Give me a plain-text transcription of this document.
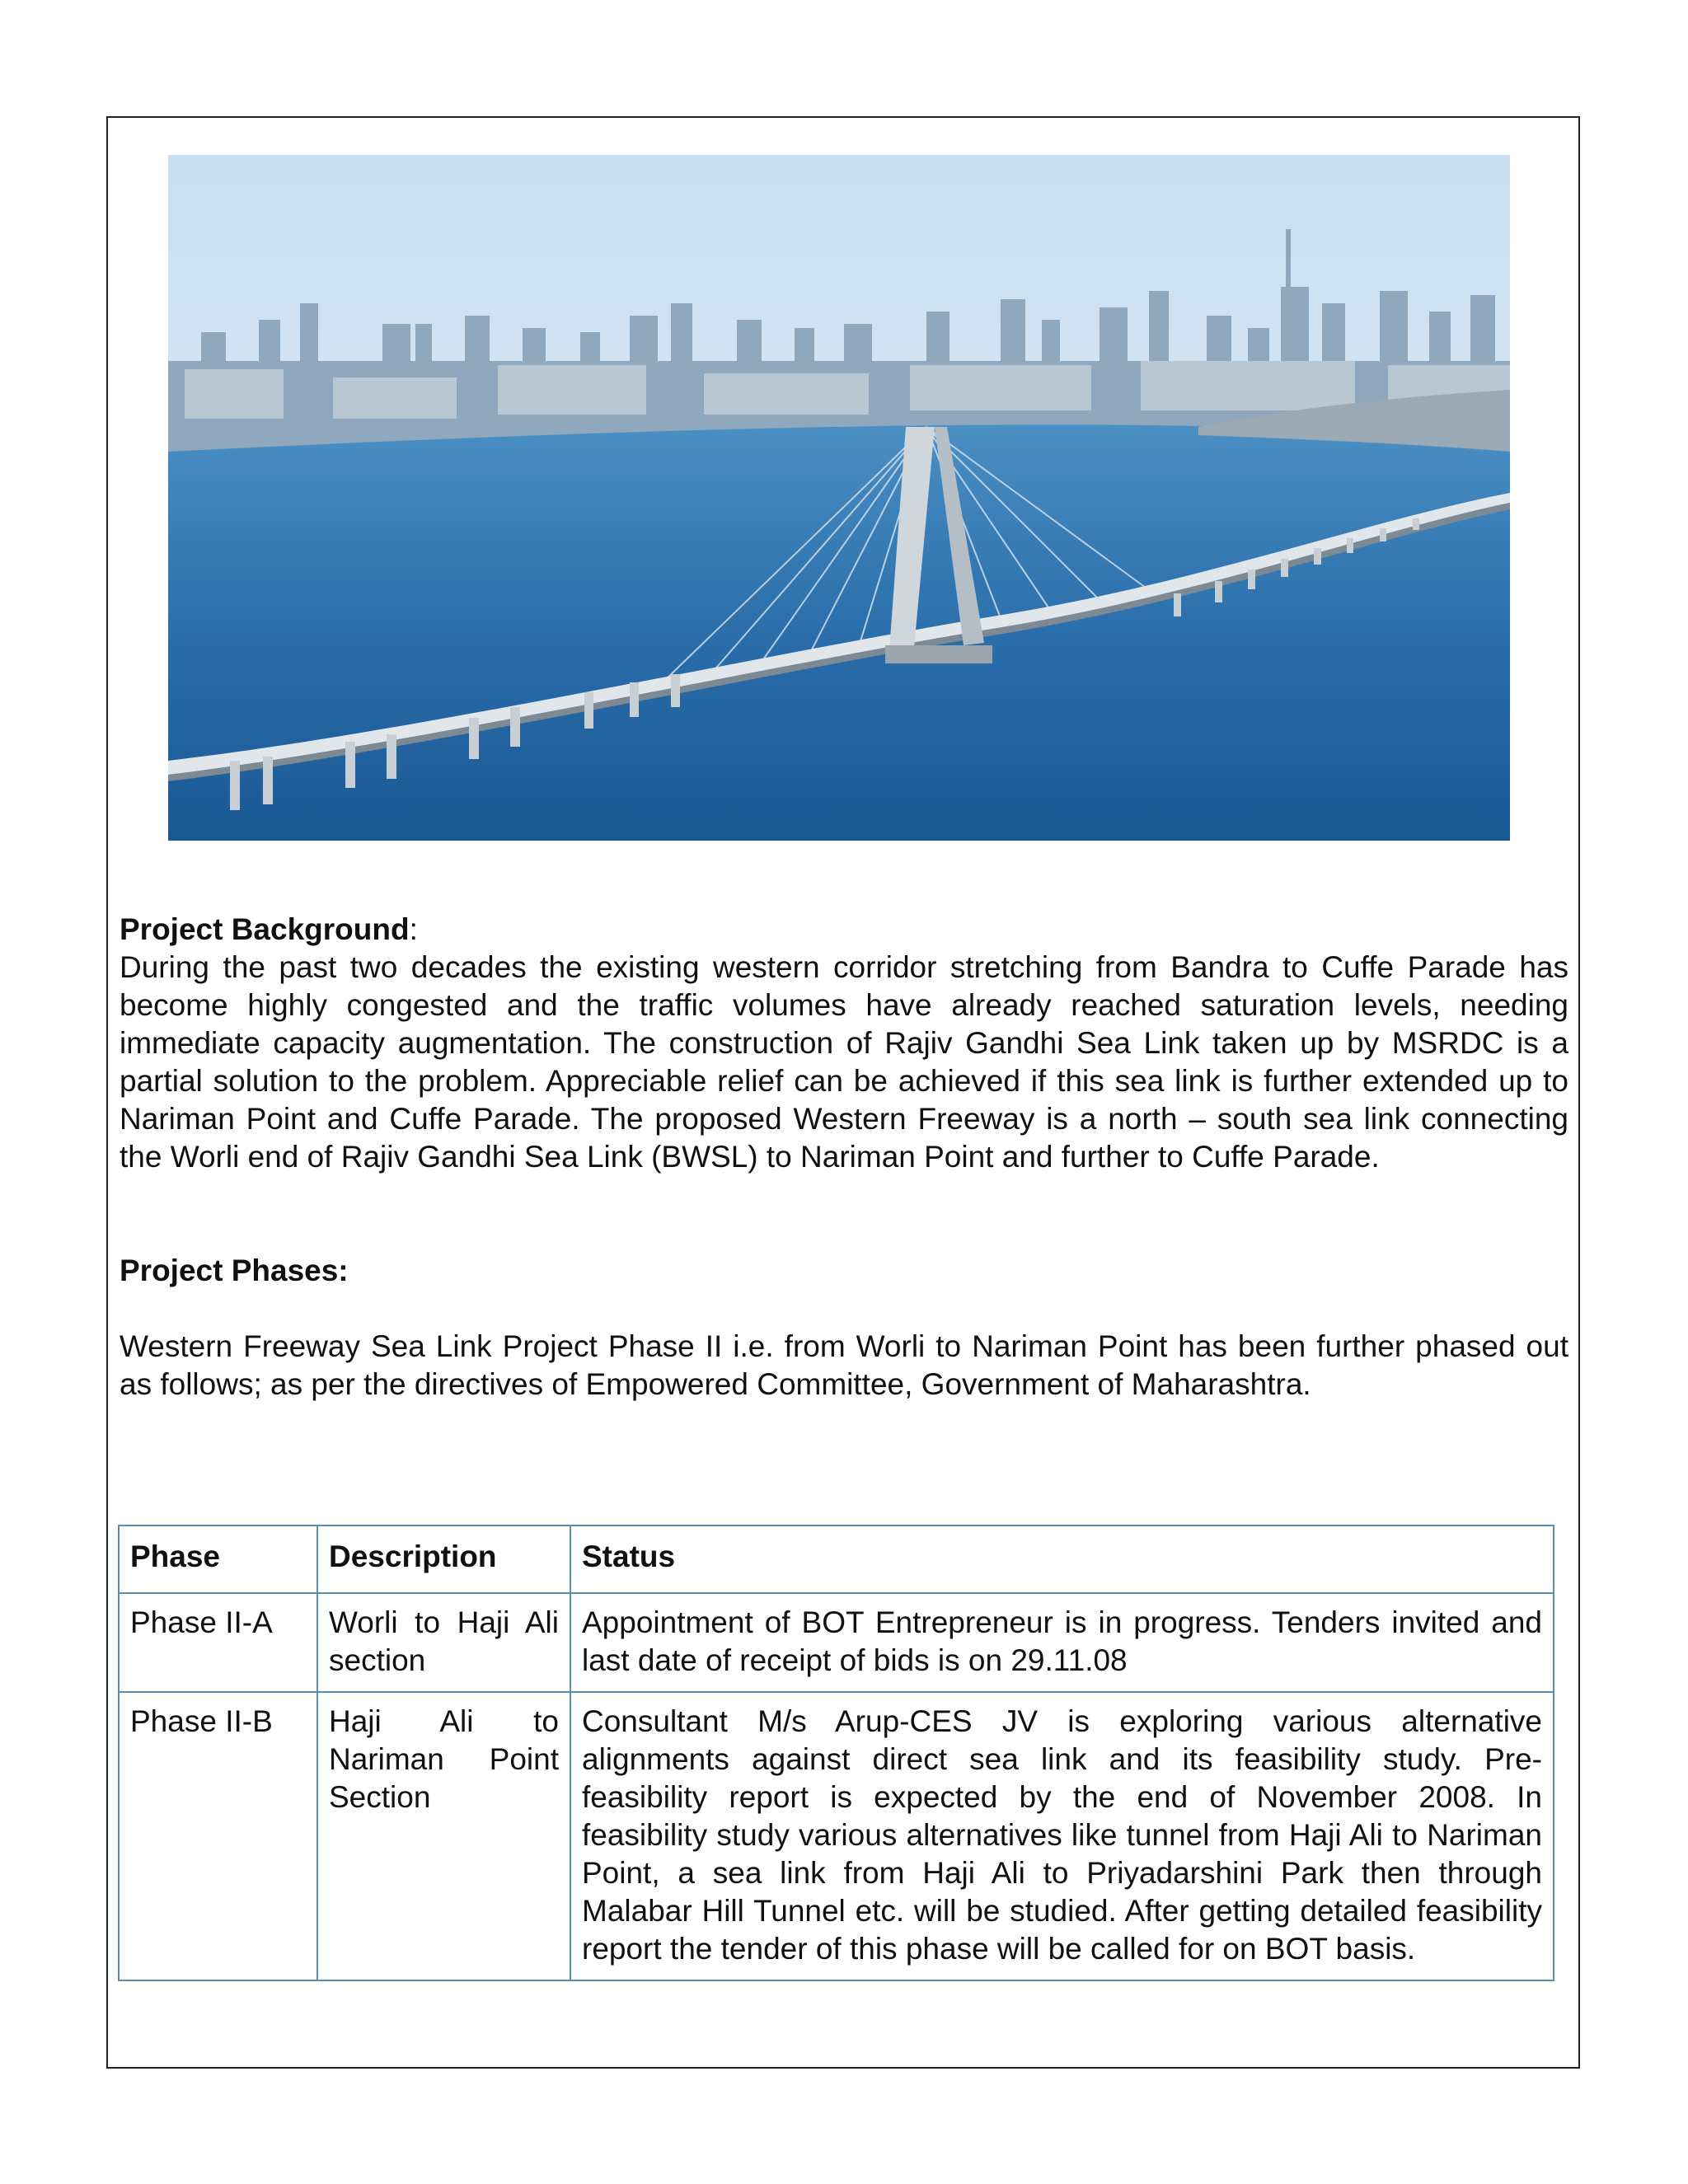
Project Background:

During the past two decades the existing western corridor stretching from Bandra to Cuffe Parade has become highly congested and the traffic volumes have already reached saturation levels, needing immediate capacity augmentation. The construction of Rajiv Gandhi Sea Link taken up by MSRDC is a partial solution to the problem. Appreciable relief can be achieved if this sea link is further extended up to Nariman Point and Cuffe Parade. The proposed Western Freeway is a north – south sea link connecting the Worli end of Rajiv Gandhi Sea Link (BWSL) to Nariman Point and further to Cuffe Parade.

Project Phases:

Western Freeway Sea Link Project Phase II i.e. from Worli to Nariman Point has been further phased out as follows; as per the directives of Empowered Committee, Government of Maharashtra.

Phase	Description	Status
Phase II-A	Worli to Haji Ali section	Appointment of BOT Entrepreneur is in progress. Tenders invited and last date of receipt of bids is on 29.11.08
Phase II-B	Haji Ali to Nariman Point Section	Consultant M/s Arup-CES JV is exploring various alternative alignments against direct sea link and its feasibility study. Pre-feasibility report is expected by the end of November 2008. In feasibility study various alternatives like tunnel from Haji Ali to Nariman Point, a sea link from Haji Ali to Priyadarshini Park then through Malabar Hill Tunnel etc. will be studied. After getting detailed feasibility report the tender of this phase will be called for on BOT basis.
